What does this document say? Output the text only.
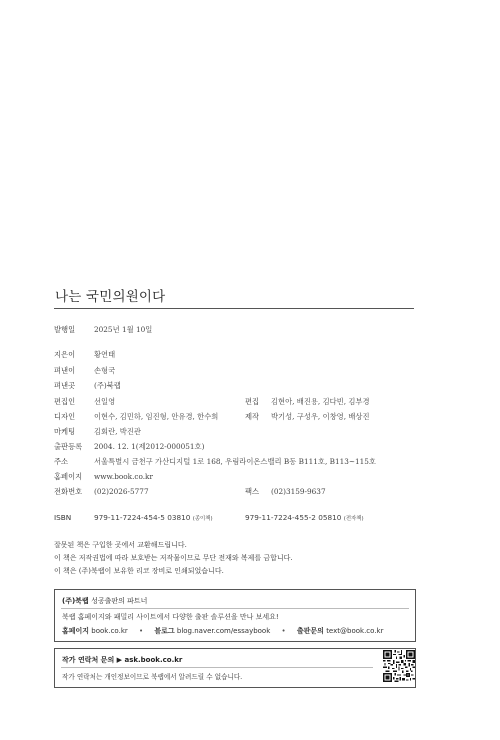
나는 국민의원이다
발행일	2025년 1월 10일
지은이	황연태
펴낸이	손형국
펴낸곳	(주)북랩
편집인	선일영	편집 김현아, 배진용, 김다빈, 김부경
디자인	이현수, 김민하, 임진형, 안유경, 한수희	제작 박기성, 구성우, 이창영, 배상진
마케팅	김회란, 박진관
출판등록 2004. 12. 1(제2012-000051호)
주소	서울특별시 금천구 가산디지털 1로 168, 우림라이온스밸리 B동 B111호, B113~115호
홈페이지 www.book.co.kr
전화번호 (02)2026-5777	팩스 (02)3159-9637
ISBN	979-11-7224-454-5 03810 (종이책)	979-11-7224-455-2 05810 (전자책)
잘못된 책은 구입한 곳에서 교환해드립니다.
이 책은 저작권법에 따라 보호받는 저작물이므로 무단 전재와 복제를 금합니다.
이 책은 (주)북랩이 보유한 리코 장비로 인쇄되었습니다.
(주)북랩 성공출판의 파트너
북랩 홈페이지와 패밀리 사이트에서 다양한 출판 솔루션을 만나 보세요!
홈페이지 book.co.kr • 블로그 blog.naver.com/essaybook • 출판문의 text@book.co.kr
작가 연락처 문의 ▶ ask.book.co.kr
작가 연락처는 개인정보이므로 북랩에서 알려드릴 수 없습니다.
